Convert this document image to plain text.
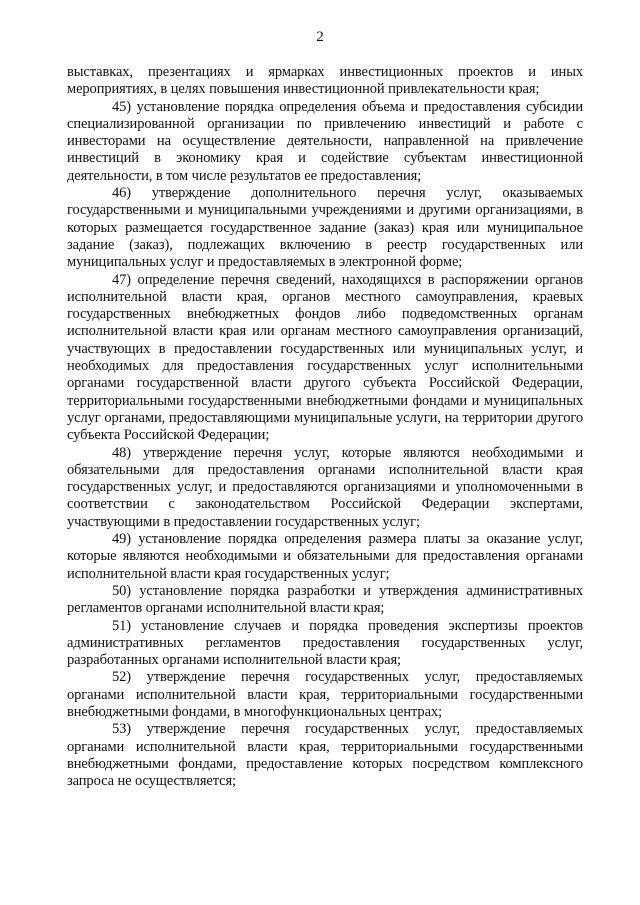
2

выставках, презентациях и ярмарках инвестиционных проектов и иных мероприятиях, в целях повышения инвестиционной привлекательности края;

45) установление порядка определения объема и предоставления субсидии специализированной организации по привлечению инвестиций и работе с инвесторами на осуществление деятельности, направленной на привлечение инвестиций в экономику края и содействие субъектам инвестиционной деятельности, в том числе результатов ее предоставления;

46) утверждение дополнительного перечня услуг, оказываемых государственными и муниципальными учреждениями и другими организациями, в которых размещается государственное задание (заказ) края или муниципальное задание (заказ), подлежащих включению в реестр государственных или муниципальных услуг и предоставляемых в электронной форме;

47) определение перечня сведений, находящихся в распоряжении органов исполнительной власти края, органов местного самоуправления, краевых государственных внебюджетных фондов либо подведомственных органам исполнительной власти края или органам местного самоуправления организаций, участвующих в предоставлении государственных или муниципальных услуг, и необходимых для предоставления государственных услуг исполнительными органами государственной власти другого субъекта Российской Федерации, территориальными государственными внебюджетными фондами и муниципальных услуг органами, предоставляющими муниципальные услуги, на территории другого субъекта Российской Федерации;

48) утверждение перечня услуг, которые являются необходимыми и обязательными для предоставления органами исполнительной власти края государственных услуг, и предоставляются организациями и уполномоченными в соответствии с законодательством Российской Федерации экспертами, участвующими в предоставлении государственных услуг;

49) установление порядка определения размера платы за оказание услуг, которые являются необходимыми и обязательными для предоставления органами исполнительной власти края государственных услуг;

50) установление порядка разработки и утверждения административных регламентов органами исполнительной власти края;

51) установление случаев и порядка проведения экспертизы проектов административных регламентов предоставления государственных услуг, разработанных органами исполнительной власти края;

52) утверждение перечня государственных услуг, предоставляемых органами исполнительной власти края, территориальными государственными внебюджетными фондами, в многофункциональных центрах;

53) утверждение перечня государственных услуг, предоставляемых органами исполнительной власти края, территориальными государственными внебюджетными фондами, предоставление которых посредством комплексного запроса не осуществляется;
